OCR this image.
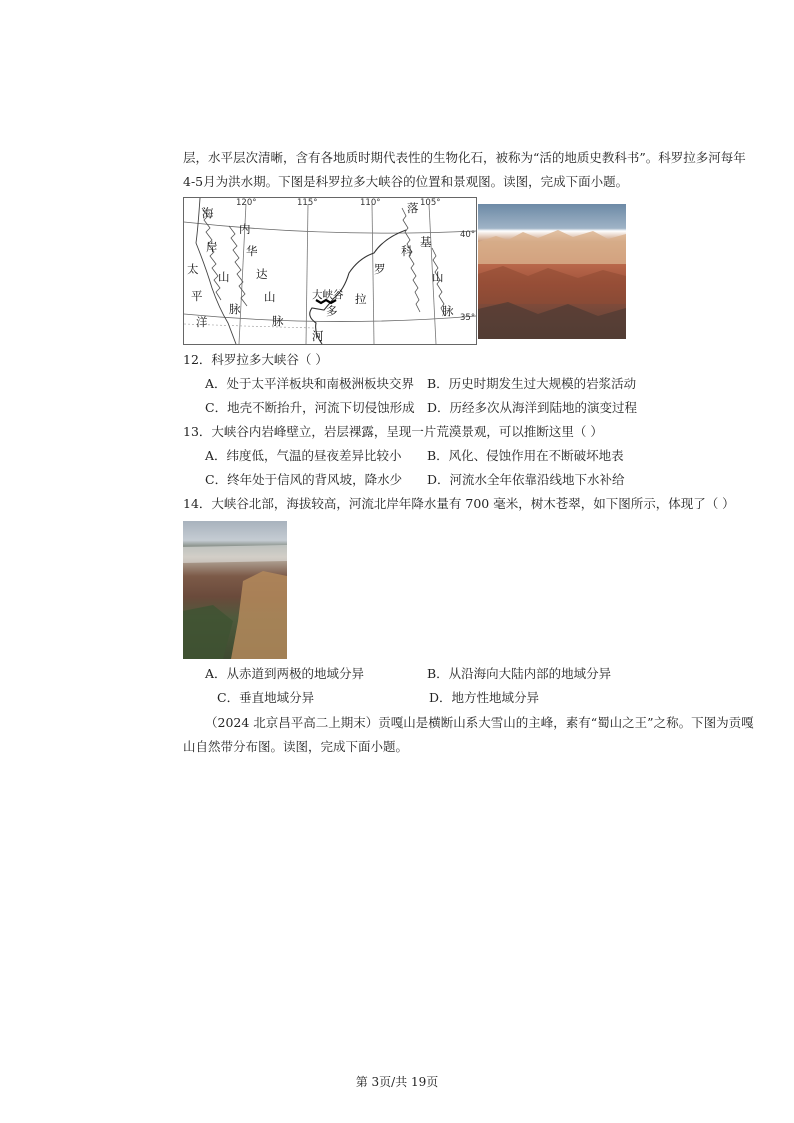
层，水平层次清晰，含有各地质时期代表性的生物化石，被称为“活的地质史教科书”。科罗拉多河每年
4-5月为洪水期。下图是科罗拉多大峡谷的位置和景观图。读图，完成下面小题。
120°	115°	110°	105°
40°
35°
海
岸
山
脉
内
华
达
山
脉
落
基
山
脉
太
平
洋
科
罗
拉
多
河
大峡谷
12．科罗拉多大峡谷（ ）
A．处于太平洋板块和南极洲板块交界 B．历史时期发生过大规模的岩浆活动
C．地壳不断抬升，河流下切侵蚀形成 D．历经多次从海洋到陆地的演变过程
13．大峡谷内岩峰壁立，岩层裸露，呈现一片荒漠景观，可以推断这里（ ）
A．纬度低，气温的昼夜差异比较小 B．风化、侵蚀作用在不断破坏地表
C．终年处于信风的背风坡，降水少 D．河流水全年依靠沿线地下水补给
14．大峡谷北部，海拔较高，河流北岸年降水量有 700 毫米，树木苍翠，如下图所示，体现了（ ）
A．从赤道到两极的地域分异	B．从沿海向大陆内部的地域分异
C．垂直地域分异	D．地方性地域分异
（2024 北京昌平高二上期末）贡嘎山是横断山系大雪山的主峰，素有“蜀山之王”之称。下图为贡嘎
山自然带分布图。读图，完成下面小题。
第 3页/共 19页
